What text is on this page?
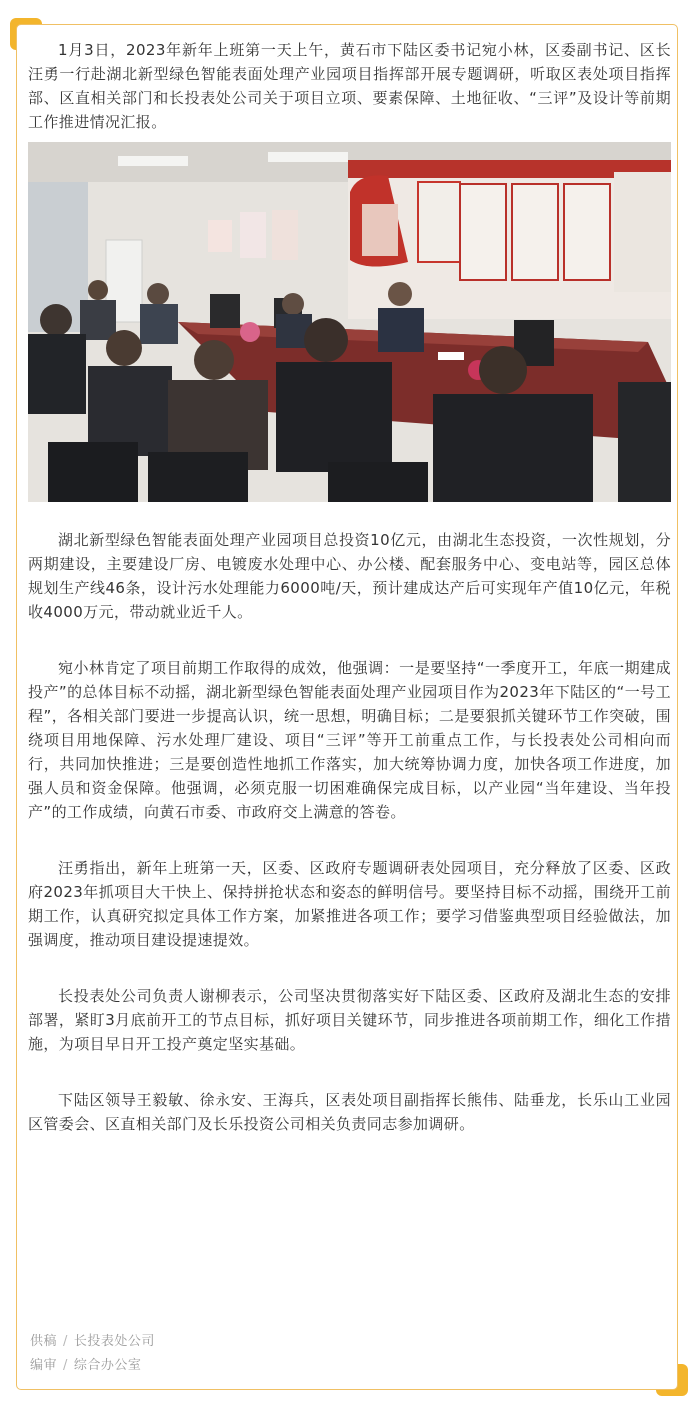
1月3日，2023年新年上班第一天上午，黄石市下陆区委书记宛小林，区委副书记、区长汪勇一行赴湖北新型绿色智能表面处理产业园项目指挥部开展专题调研，听取区表处项目指挥部、区直相关部门和长投表处公司关于项目立项、要素保障、土地征收、“三评”及设计等前期工作推进情况汇报。

湖北新型绿色智能表面处理产业园项目总投资10亿元，由湖北生态投资，一次性规划，分两期建设，主要建设厂房、电镀废水处理中心、办公楼、配套服务中心、变电站等，园区总体规划生产线46条，设计污水处理能力6000吨/天，预计建成达产后可实现年产值10亿元，年税收4000万元，带动就业近千人。

宛小林肯定了项目前期工作取得的成效，他强调：一是要坚持“一季度开工，年底一期建成投产”的总体目标不动摇，湖北新型绿色智能表面处理产业园项目作为2023年下陆区的“一号工程”，各相关部门要进一步提高认识，统一思想，明确目标；二是要狠抓关键环节工作突破，围绕项目用地保障、污水处理厂建设、项目“三评”等开工前重点工作，与长投表处公司相向而行，共同加快推进；三是要创造性地抓工作落实，加大统筹协调力度，加快各项工作进度，加强人员和资金保障。他强调，必须克服一切困难确保完成目标，以产业园“当年建设、当年投产”的工作成绩，向黄石市委、市政府交上满意的答卷。

汪勇指出，新年上班第一天，区委、区政府专题调研表处园项目，充分释放了区委、区政府2023年抓项目大干快上、保持拼抢状态和姿态的鲜明信号。要坚持目标不动摇，围绕开工前期工作，认真研究拟定具体工作方案，加紧推进各项工作；要学习借鉴典型项目经验做法，加强调度，推动项目建设提速提效。

长投表处公司负责人谢柳表示，公司坚决贯彻落实好下陆区委、区政府及湖北生态的安排部署，紧盯3月底前开工的节点目标，抓好项目关键环节，同步推进各项前期工作，细化工作措施，为项目早日开工投产奠定坚实基础。

下陆区领导王毅敏、徐永安、王海兵，区表处项目副指挥长熊伟、陆垂龙，长乐山工业园区管委会、区直相关部门及长乐投资公司相关负责同志参加调研。

供稿 / 长投表处公司
编审 / 综合办公室
